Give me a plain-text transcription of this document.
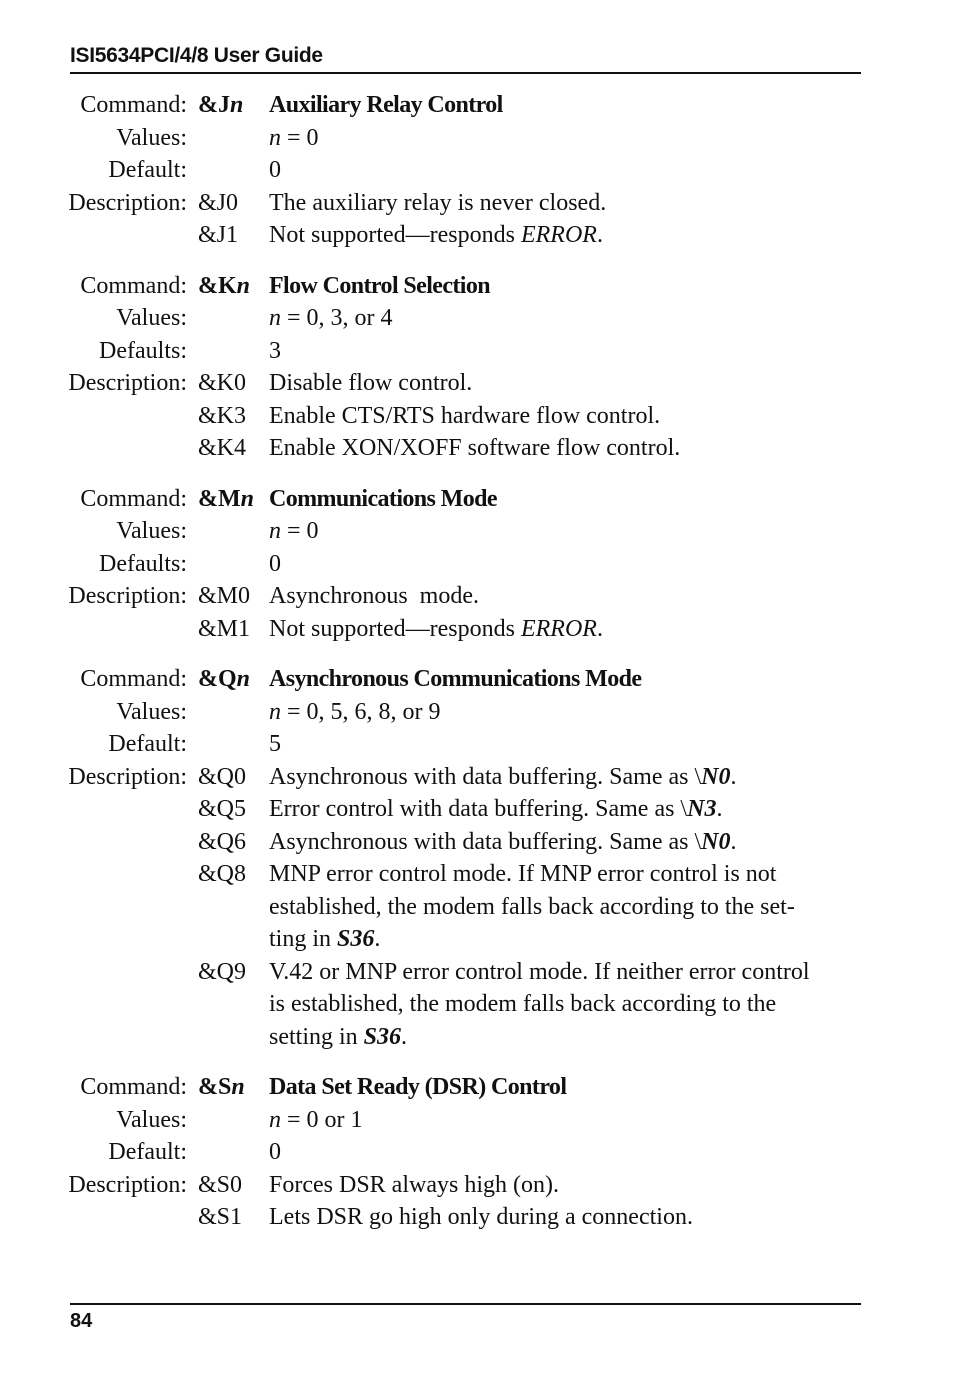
ISI5634PCI/4/8 User Guide
Command: &Jn	Auxiliary Relay Control
Values:	n = 0
Default:	0
Description: &J0	The auxiliary relay is never closed.
&J1	Not supported—responds ERROR.
Command: &Kn Flow Control Selection
Values:	n = 0, 3, or 4
Defaults:	3
Description: &K0 Disable flow control.
&K3 Enable CTS/RTS hardware flow control.
&K4 Enable XON/XOFF software flow control.
Command: &Mn Communications Mode
Values:	n = 0
Defaults:	0
Description: &M0 Asynchronous  mode.
&M1 Not supported—responds ERROR.
Command: &Qn Asynchronous Communications Mode
Values:	n = 0, 5, 6, 8, or 9
Default:	5
Description: &Q0 Asynchronous with data buffering. Same as \N0.
&Q5 Error control with data buffering. Same as \N3.
&Q6 Asynchronous with data buffering. Same as \N0.
&Q8 MNP error control mode. If MNP error control is not
established, the modem falls back according to the set-
ting in S36.
&Q9 V.42 or MNP error control mode. If neither error control
is established, the modem falls back according to the
setting in S36.
Command: &Sn	Data Set Ready (DSR) Control
Values:	n = 0 or 1
Default:	0
Description: &S0	Forces DSR always high (on).
&S1	Lets DSR go high only during a connection.
84
